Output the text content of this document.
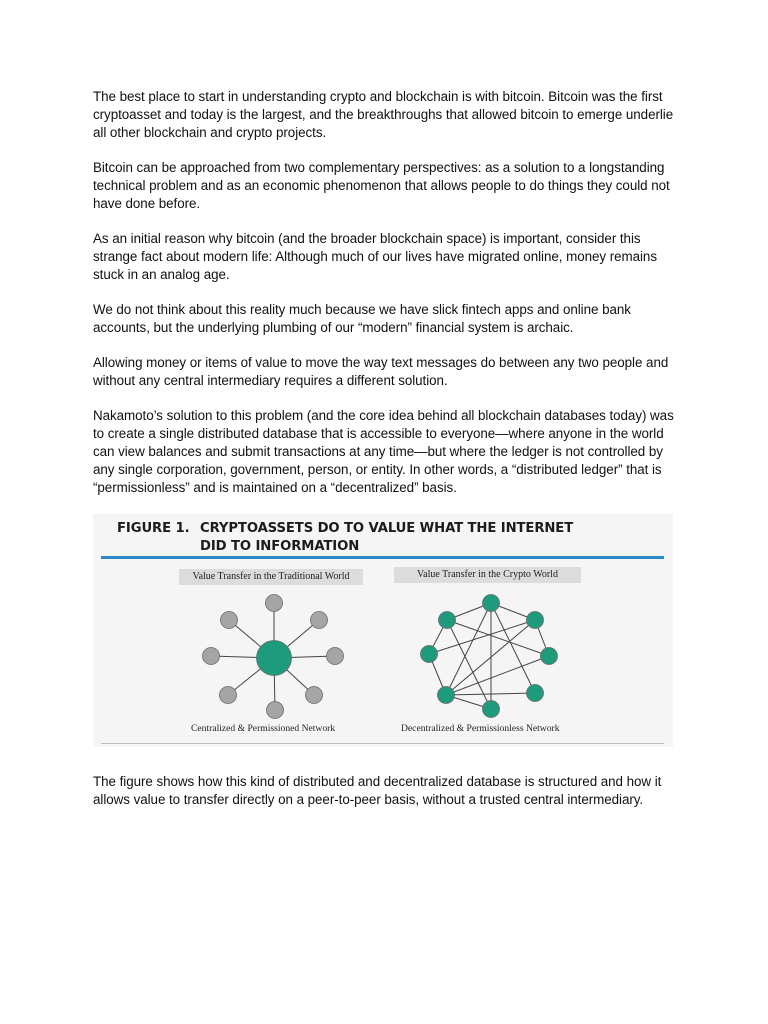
The best place to start in understanding crypto and blockchain is with bitcoin. Bitcoin was the first cryptoasset and today is the largest, and the breakthroughs that allowed bitcoin to emerge underlie all other blockchain and crypto projects.

Bitcoin can be approached from two complementary perspectives: as a solution to a longstanding technical problem and as an economic phenomenon that allows people to do things they could not have done before.

As an initial reason why bitcoin (and the broader blockchain space) is important, consider this strange fact about modern life: Although much of our lives have migrated online, money remains stuck in an analog age.

We do not think about this reality much because we have slick fintech apps and online bank accounts, but the underlying plumbing of our “modern” financial system is archaic.

Allowing money or items of value to move the way text messages do between any two people and without any central intermediary requires a different solution.

Nakamoto’s solution to this problem (and the core idea behind all blockchain databases today) was to create a single distributed database that is accessible to everyone—where anyone in the world can view balances and submit transactions at any time—but where the ledger is not controlled by any single corporation, government, person, or entity. In other words, a “distributed ledger” that is “permissionless” and is maintained on a “decentralized” basis.

FIGURE 1. CRYPTOASSETS DO TO VALUE WHAT THE INTERNET
DID TO INFORMATION
Value Transfer in the Traditional World	Value Transfer in the Crypto World
Centralized & Permissioned Network	Decentralized & Permissionless Network

The figure shows how this kind of distributed and decentralized database is structured and how it allows value to transfer directly on a peer-to-peer basis, without a trusted central intermediary.
